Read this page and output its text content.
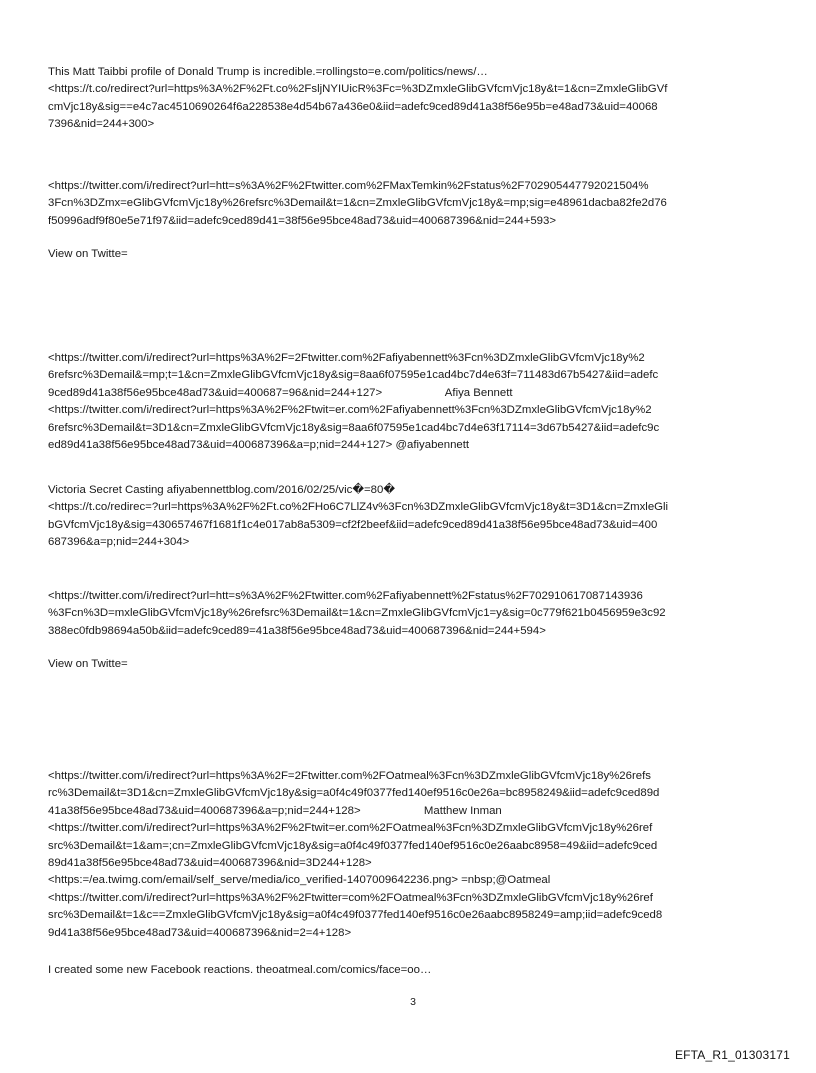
This Matt Taibbi profile of Donald Trump is incredible.=rollingsto=e.com/politics/news/…

<https://t.co/redirect?url=https%3A%2F%2Ft.co%2FsljNYIUicR%3Fc=%3DZmxleGlibGVfcmVjc18y&t=1&cn=ZmxleGlibGVf

cmVjc18y&sig==e4c7ac4510690264f6a228538e4d54b67a436e0&iid=adefc9ced89d41a38f56e95b=e48ad73&uid=40068

7396&nid=244+300>

<https://twitter.com/i/redirect?url=htt=s%3A%2F%2Ftwitter.com%2FMaxTemkin%2Fstatus%2F702905447792021504%

3Fcn%3DZmx=eGlibGVfcmVjc18y%26refsrc%3Demail&t=1&cn=ZmxleGlibGVfcmVjc18y&=mp;sig=e48961dacba82fe2d76

f50996adf9f80e5e71f97&iid=adefc9ced89d41=38f56e95bce48ad73&uid=400687396&nid=244+593>

View on Twitte=

<https://twitter.com/i/redirect?url=https%3A%2F=2Ftwitter.com%2Fafiyabennett%3Fcn%3DZmxleGlibGVfcmVjc18y%2

6refsrc%3Demail&=mp;t=1&cn=ZmxleGlibGVfcmVjc18y&sig=8aa6f07595e1cad4bc7d4e63f=711483d67b5427&iid=adefc

9ced89d41a38f56e95bce48ad73&uid=400687=96&nid=244+127>                    Afiya Bennett

<https://twitter.com/i/redirect?url=https%3A%2F%2Ftwit=er.com%2Fafiyabennett%3Fcn%3DZmxleGlibGVfcmVjc18y%2

6refsrc%3Demail&t=3D1&cn=ZmxleGlibGVfcmVjc18y&sig=8aa6f07595e1cad4bc7d4e63f17114=3d67b5427&iid=adefc9c

ed89d41a38f56e95bce48ad73&uid=400687396&a=p;nid=244+127> @afiyabennett

Victoria Secret Casting afiyabennettblog.com/2016/02/25/vic�=80�

<https://t.co/redirec=?url=https%3A%2F%2Ft.co%2FHo6C7LlZ4v%3Fcn%3DZmxleGlibGVfcmVjc18y&t=3D1&cn=ZmxleGli

bGVfcmVjc18y&sig=430657467f1681f1c4e017ab8a5309=cf2f2beef&iid=adefc9ced89d41a38f56e95bce48ad73&uid=400

687396&a=p;nid=244+304>

<https://twitter.com/i/redirect?url=htt=s%3A%2F%2Ftwitter.com%2Fafiyabennett%2Fstatus%2F702910617087143936

%3Fcn%3D=mxleGlibGVfcmVjc18y%26refsrc%3Demail&t=1&cn=ZmxleGlibGVfcmVjc1=y&sig=0c779f621b0456959e3c92

388ec0fdb98694a50b&iid=adefc9ced89=41a38f56e95bce48ad73&uid=400687396&nid=244+594>

View on Twitte=

<https://twitter.com/i/redirect?url=https%3A%2F=2Ftwitter.com%2FOatmeal%3Fcn%3DZmxleGlibGVfcmVjc18y%26refs

rc%3Demail&t=3D1&cn=ZmxleGlibGVfcmVjc18y&sig=a0f4c49f0377fed140ef9516c0e26a=bc8958249&iid=adefc9ced89d

41a38f56e95bce48ad73&uid=400687396&a=p;nid=244+128>                    Matthew Inman

<https://twitter.com/i/redirect?url=https%3A%2F%2Ftwit=er.com%2FOatmeal%3Fcn%3DZmxleGlibGVfcmVjc18y%26ref

src%3Demail&t=1&am=;cn=ZmxleGlibGVfcmVjc18y&sig=a0f4c49f0377fed140ef9516c0e26aabc8958=49&iid=adefc9ced

89d41a38f56e95bce48ad73&uid=400687396&nid=3D244+128>

<https:=/ea.twimg.com/email/self_serve/media/ico_verified-1407009642236.png> =nbsp;@Oatmeal

<https://twitter.com/i/redirect?url=https%3A%2F%2Ftwitter=com%2FOatmeal%3Fcn%3DZmxleGlibGVfcmVjc18y%26ref

src%3Demail&t=1&c==ZmxleGlibGVfcmVjc18y&sig=a0f4c49f0377fed140ef9516c0e26aabc8958249=amp;iid=adefc9ced8

9d41a38f56e95bce48ad73&uid=400687396&nid=2=4+128>

I created some new Facebook reactions. theoatmeal.com/comics/face=oo…

3
EFTA_R1_01303171
